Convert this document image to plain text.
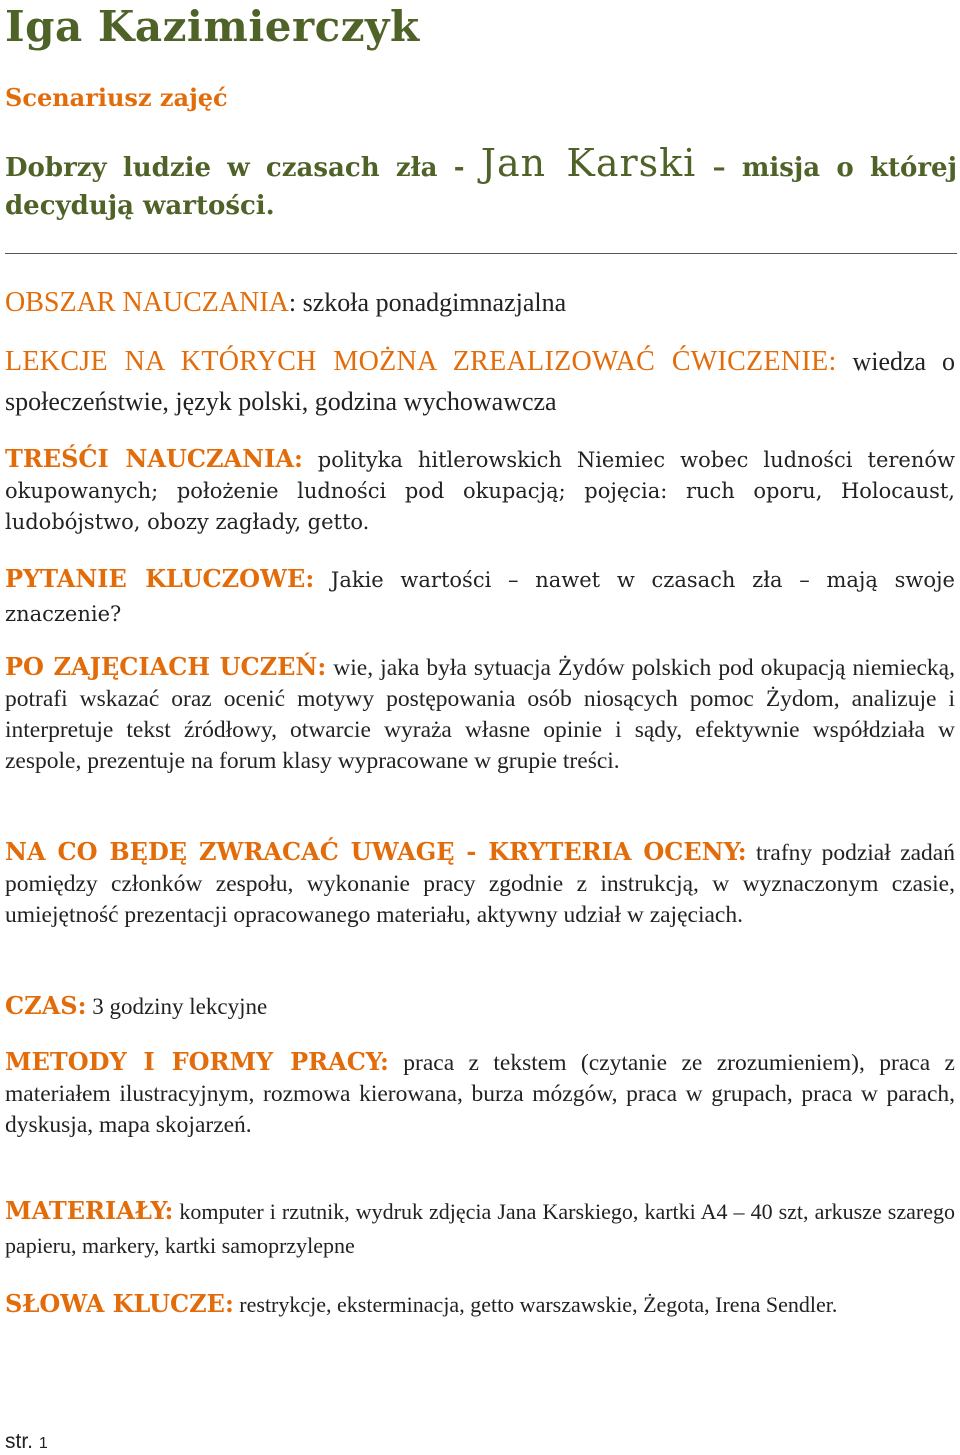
Iga Kazimierczyk

Scenariusz zajęć

Dobrzy ludzie w czasach zła - Jan Karski – misja o której decydują wartości.

OBSZAR NAUCZANIA: szkoła ponadgimnazjalna

LEKCJE NA KTÓRYCH MOŻNA ZREALIZOWAĆ ĆWICZENIE: wiedza o społeczeństwie, język polski, godzina wychowawcza

TREŚĆI NAUCZANIA: polityka hitlerowskich Niemiec wobec ludności terenów okupowanych; położenie ludności pod okupacją; pojęcia: ruch oporu, Holocaust, ludobójstwo, obozy zagłady, getto.

PYTANIE KLUCZOWE: Jakie wartości – nawet w czasach zła – mają swoje znaczenie?

PO ZAJĘCIACH UCZEŃ: wie, jaka była sytuacja Żydów polskich pod okupacją niemiecką, potrafi wskazać oraz ocenić motywy postępowania osób niosących pomoc Żydom, analizuje i interpretuje tekst źródłowy, otwarcie wyraża własne opinie i sądy, efektywnie współdziała w zespole, prezentuje na forum klasy wypracowane w grupie treści.

NA CO BĘDĘ ZWRACAĆ UWAGĘ - KRYTERIA OCENY: trafny podział zadań pomiędzy członków zespołu, wykonanie pracy zgodnie z instrukcją, w wyznaczonym czasie, umiejętność prezentacji opracowanego materiału, aktywny udział w zajęciach.

CZAS: 3 godziny lekcyjne

METODY I FORMY PRACY: praca z tekstem (czytanie ze zrozumieniem), praca z materiałem ilustracyjnym, rozmowa kierowana, burza mózgów, praca w grupach, praca w parach, dyskusja, mapa skojarzeń.

MATERIAŁY: komputer i rzutnik, wydruk zdjęcia Jana Karskiego, kartki A4 – 40 szt, arkusze szarego papieru, markery, kartki samoprzylepne

SŁOWA KLUCZE: restrykcje, eksterminacja, getto warszawskie, Żegota, Irena Sendler.

str. 1
